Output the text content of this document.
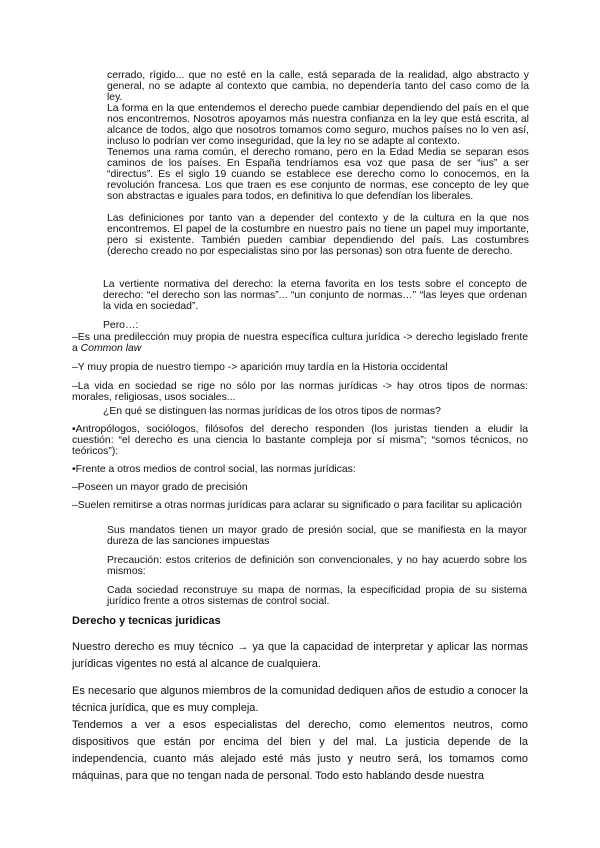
cerrado, rígido... que no esté en la calle, está separada de la realidad, algo abstracto y general, no se adapte al contexto que cambia, no dependería tanto del caso como de la ley.

La forma en la que entendemos el derecho puede cambiar dependiendo del país en el que nos encontremos. Nosotros apoyamos más nuestra confianza en la ley que está escrita, al alcance de todos, algo que nosotros tomamos como seguro, muchos países no lo ven así, incluso lo podrían ver como inseguridad, que la ley no se adapte al contexto.

Tenemos una rama común, el derecho romano, pero en la Edad Media se separan esos caminos de los países. En España tendríamos esa voz que pasa de ser “ius” a ser “directus”. Es el siglo 19 cuando se establece ese derecho como lo conocemos, en la revolución francesa. Los que traen es ese conjunto de normas, ese concepto de ley que son abstractas e iguales para todos, en definitiva lo que defendían los liberales.

Las definiciones por tanto van a depender del contexto y de la cultura en la que nos encontremos. El papel de la costumbre en nuestro país no tiene un papel muy importante, pero si existente. También pueden cambiar dependiendo del país. Las costumbres (derecho creado no por especialistas sino por las personas) son otra fuente de derecho.

La vertiente normativa del derecho: la eterna favorita en los tests sobre el concepto de derecho: “el derecho son las normas”... “un conjunto de normas…” “las leyes que ordenan la vida en sociedad”.

Pero…:

–Es una predilección muy propia de nuestra específica cultura jurídica -> derecho legislado frente a Common law

–Y muy propia de nuestro tiempo -> aparición muy tardía en la Historia occidental

–La vida en sociedad se rige no sólo por las normas jurídicas -> hay otros tipos de normas: morales, religiosas, usos sociales...

¿En qué se distinguen las normas jurídicas de los otros tipos de normas?

•Antropólogos, sociólogos, filósofos del derecho responden (los juristas tienden a eludir la cuestión: “el derecho es una ciencia lo bastante compleja por sí misma”; “somos técnicos, no teóricos”):

•Frente a otros medios de control social, las normas jurídicas:

–Poseen un mayor grado de precisión

–Suelen remitirse a otras normas jurídicas para aclarar su significado o para facilitar su aplicación

Sus mandatos tienen un mayor grado de presión social, que se manifiesta en la mayor dureza de las sanciones impuestas

Precaución: estos criterios de definición son convencionales, y no hay acuerdo sobre los mismos:

Cada sociedad reconstruye su mapa de normas, la especificidad propia de su sistema jurídico frente a otros sistemas de control social.

Derecho y tecnicas juridicas

Nuestro derecho es muy técnico → ya que la capacidad de interpretar y aplicar las normas jurídicas vigentes no está al alcance de cualquiera.

Es necesario que algunos miembros de la comunidad dediquen años de estudio a conocer la técnica jurídica, que es muy compleja.

Tendemos a ver a esos especialistas del derecho, como elementos neutros, como dispositivos que están por encima del bien y del mal. La justicia depende de la independencia, cuanto más alejado esté más justo y neutro será, los tomamos como máquinas, para que no tengan nada de personal. Todo esto hablando desde nuestra
